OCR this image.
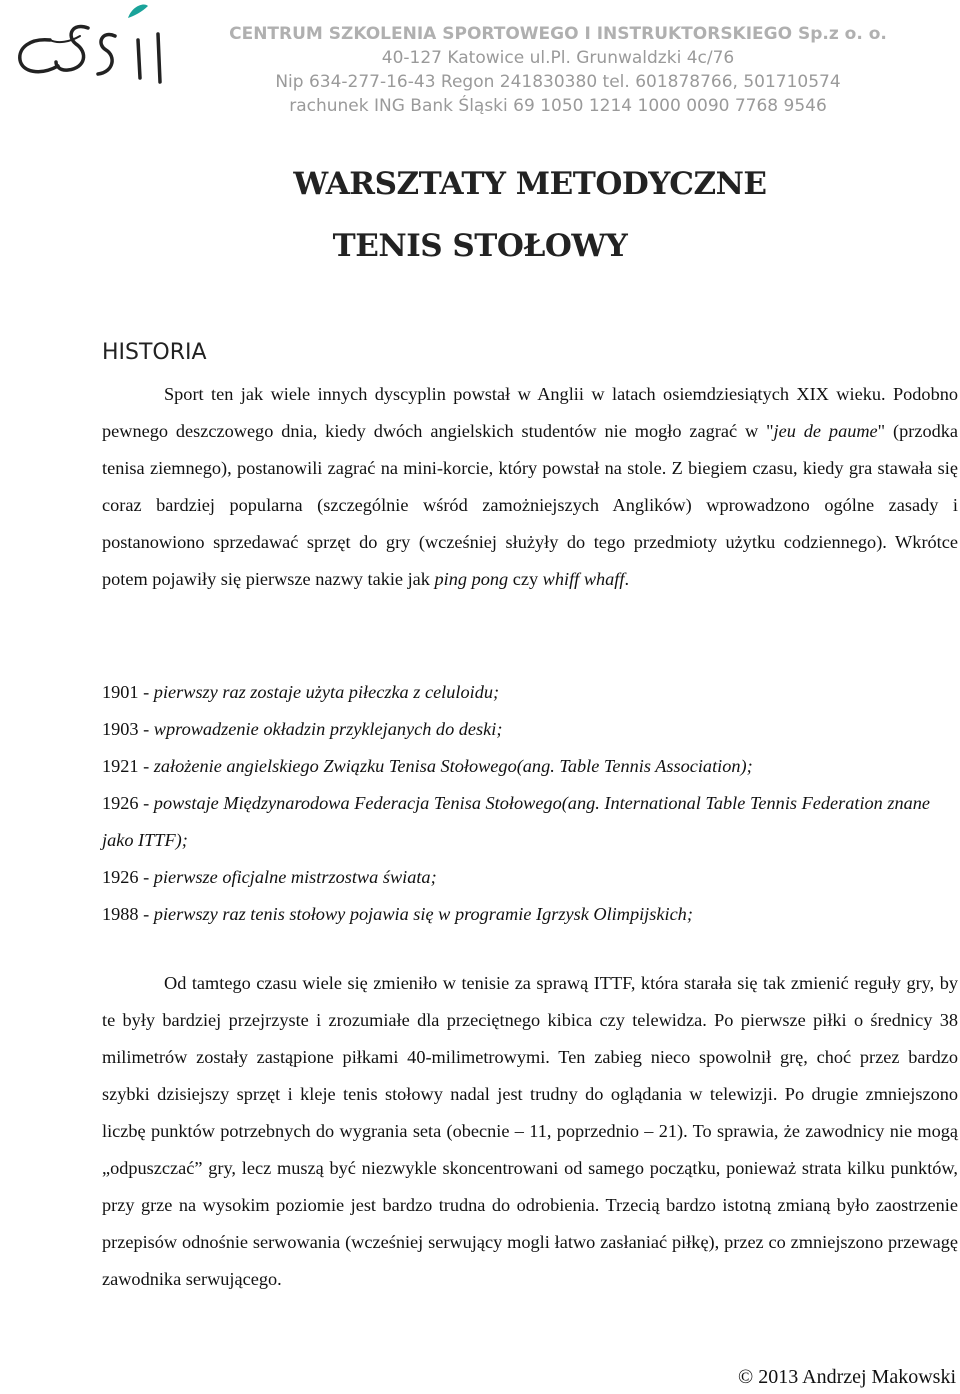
CENTRUM SZKOLENIA SPORTOWEGO I INSTRUKTORSKIEGO Sp.z o. o.
40-127 Katowice ul.Pl. Grunwaldzki 4c/76
Nip 634-277-16-43 Regon 241830380 tel. 601878766, 501710574
rachunek ING Bank Śląski 69 1050 1214 1000 0090 7768 9546
WARSZTATY METODYCZNE
TENIS STOŁOWY
HISTORIA

Sport ten jak wiele innych dyscyplin powstał w Anglii w latach osiemdziesiątych XIX wieku. Podobno pewnego deszczowego dnia, kiedy dwóch angielskich studentów nie mogło zagrać w "jeu de paume" (przodka tenisa ziemnego), postanowili zagrać na mini-korcie, który powstał na stole. Z biegiem czasu, kiedy gra stawała się coraz bardziej popularna (szczególnie wśród zamożniejszych Anglików) wprowadzono ogólne zasady i postanowiono sprzedawać sprzęt do gry (wcześniej służyły do tego przedmioty użytku codziennego). Wkrótce potem pojawiły się pierwsze nazwy takie jak ping pong czy whiff whaff.

1901 - pierwszy raz zostaje użyta piłeczka z celuloidu;
1903 - wprowadzenie okładzin przyklejanych do deski;
1921 - założenie angielskiego Związku Tenisa Stołowego(ang. Table Tennis Association);
1926 - powstaje Międzynarodowa Federacja Tenisa Stołowego(ang. International Table Tennis Federation znane jako ITTF);
1926 - pierwsze oficjalne mistrzostwa świata;
1988 - pierwszy raz tenis stołowy pojawia się w programie Igrzysk Olimpijskich;

Od tamtego czasu wiele się zmieniło w tenisie za sprawą ITTF, która starała się tak zmienić reguły gry, by te były bardziej przejrzyste i zrozumiałe dla przeciętnego kibica czy telewidza. Po pierwsze piłki o średnicy 38 milimetrów zostały zastąpione piłkami 40-milimetrowymi. Ten zabieg nieco spowolnił grę, choć przez bardzo szybki dzisiejszy sprzęt i kleje tenis stołowy nadal jest trudny do oglądania w telewizji. Po drugie zmniejszono liczbę punktów potrzebnych do wygrania seta (obecnie – 11, poprzednio – 21). To sprawia, że zawodnicy nie mogą „odpuszczać” gry, lecz muszą być niezwykle skoncentrowani od samego początku, ponieważ strata kilku punktów, przy grze na wysokim poziomie jest bardzo trudna do odrobienia. Trzecią bardzo istotną zmianą było zaostrzenie przepisów odnośnie serwowania (wcześniej serwujący mogli łatwo zasłaniać piłkę), przez co zmniejszono przewagę zawodnika serwującego.

© 2013 Andrzej Makowski
